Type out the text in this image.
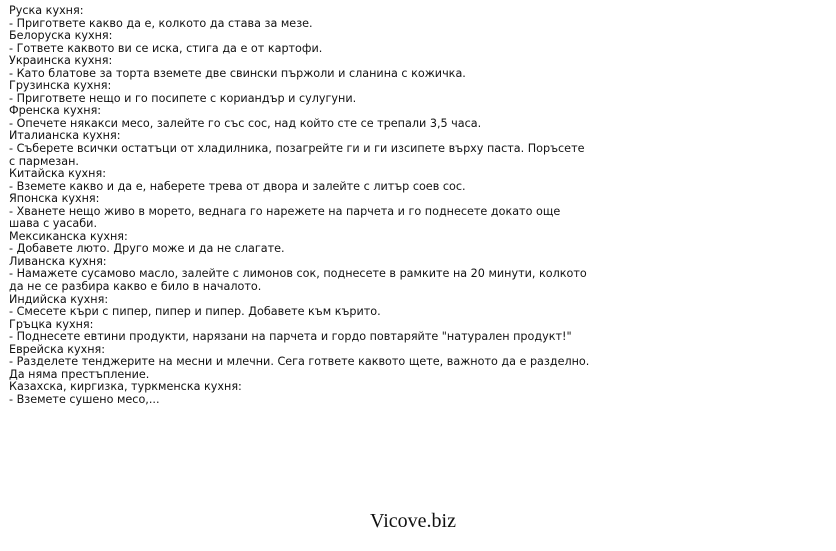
Руска кухня:
- Пригответе какво да е, колкото да става за мезе.
Белоруска кухня:
- Гответе каквото ви се иска, стига да е от картофи.
Украинска кухня:
- Като блатове за торта вземете две свински пържоли и сланина с кожичка.
Грузинска кухня:
- Пригответе нещо и го посипете с кориандър и сулугуни.
Френска кухня:
- Опечете някакси месо, залейте го със сос, над който сте се трепали 3,5 часа.
Италианска кухня:
- Съберете всички остатъци от хладилника, позагрейте ги и ги изсипете върху паста. Поръсете с пармезан.
Китайска кухня:
- Вземете какво и да е, наберете трева от двора и залейте с литър соев сос.
Японска кухня:
- Хванете нещо живо в морето, веднага го нарежете на парчета и го поднесете докато още шава с уасаби.
Мексиканска кухня:
- Добавете люто. Друго може и да не слагате.
Ливанска кухня:
- Намажете сусамово масло, залейте с лимонов сок, поднесете в рамките на 20 минути, колкото да не се разбира какво е било в началото.
Индийска кухня:
- Смесете къри с пипер, пипер и пипер. Добавете към кърито.
Гръцка кухня:
- Поднесете евтини продукти, нарязани на парчета и гордо повтаряйте "натурален продукт!"
Еврейска кухня:
- Разделете тенджерите на месни и млечни. Сега гответе каквото щете, важното да е разделно. Да няма престъпление.
Казахска, киргизка, туркменска кухня:
- Вземете сушено месо,...
Vicove.biz
